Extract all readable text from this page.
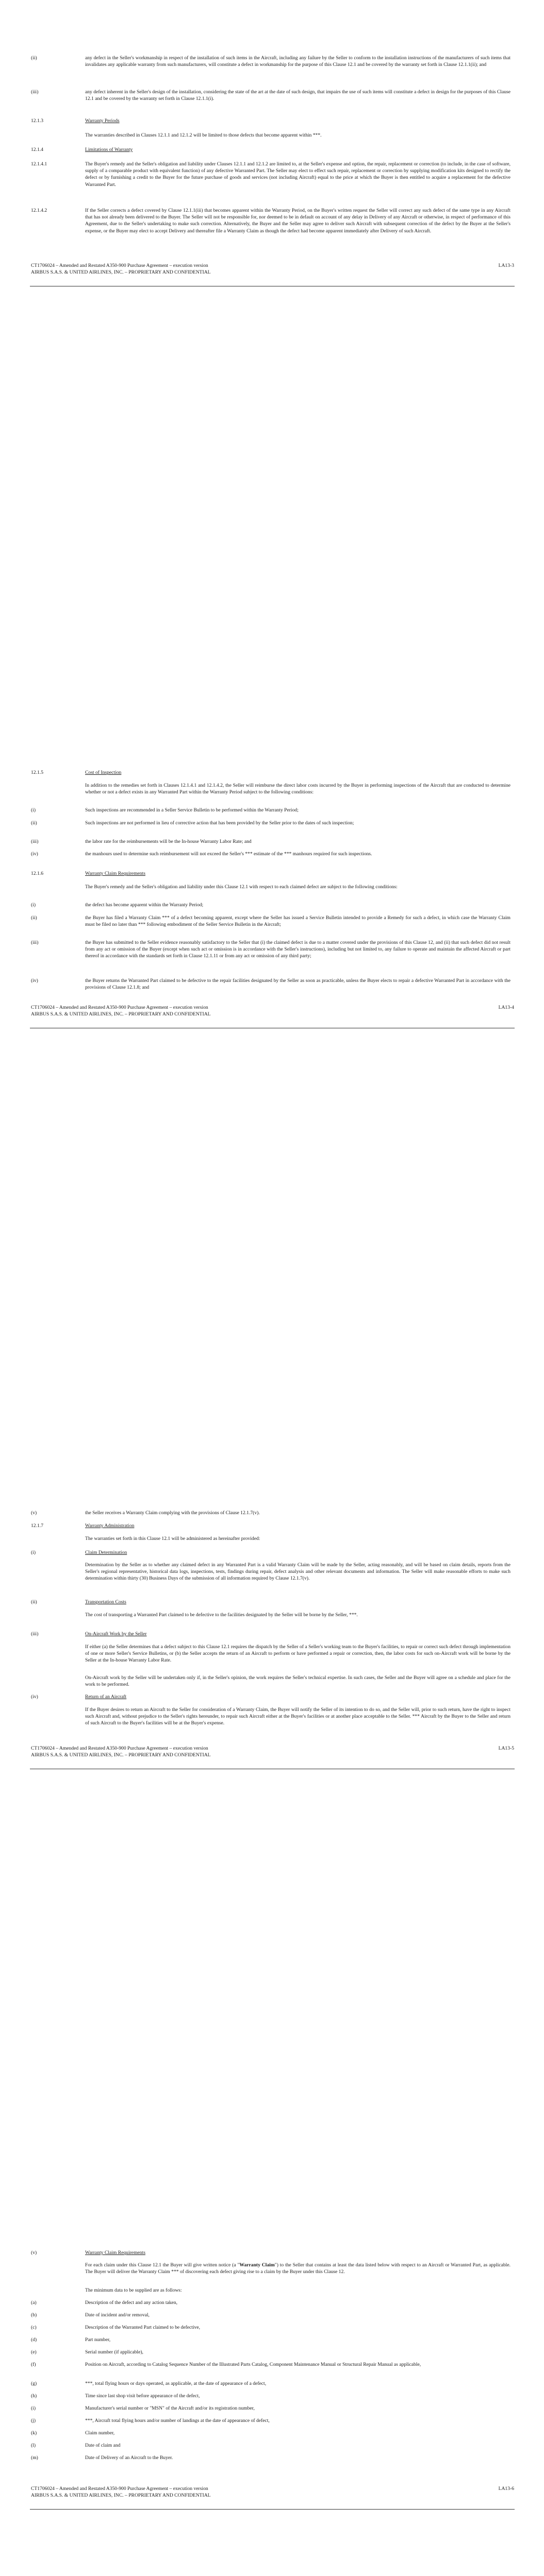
(ii)	any defect in the Seller's workmanship in respect of the installation of such items in the Aircraft, including any failure by the Seller to conform to the installation instructions of the manufacturers of such items that invalidates any applicable warranty from such manufacturers, will constitute a defect in workmanship for the purpose of this Clause 12.1 and be covered by the warranty set forth in Clause 12.1.1(ii); and
(iii)	any defect inherent in the Seller's design of the installation, considering the state of the art at the date of such design, that impairs the use of such items will constitute a defect in design for the purposes of this Clause 12.1 and be covered by the warranty set forth in Clause 12.1.1(i).
12.1.3	Warranty Periods
The warranties described in Clauses 12.1.1 and 12.1.2 will be limited to those defects that become apparent within ***.
12.1.4	Limitations of Warranty
12.1.4.1	The Buyer's remedy and the Seller's obligation and liability under Clauses 12.1.1 and 12.1.2 are limited to, at the Seller's expense and option, the repair, replacement or correction (to include, in the case of software, supply of a comparable product with equivalent function) of any defective Warranted Part. The Seller may elect to effect such repair, replacement or correction by supplying modification kits designed to rectify the defect or by furnishing a credit to the Buyer for the future purchase of goods and services (not including Aircraft) equal to the price at which the Buyer is then entitled to acquire a replacement for the defective Warranted Part.
12.1.4.2	If the Seller corrects a defect covered by Clause 12.1.1(iii) that becomes apparent within the Warranty Period, on the Buyer's written request the Seller will correct any such defect of the same type in any Aircraft that has not already been delivered to the Buyer. The Seller will not be responsible for, nor deemed to be in default on account of any delay in Delivery of any Aircraft or otherwise, in respect of performance of this Agreement, due to the Seller's undertaking to make such correction. Alternatively, the Buyer and the Seller may agree to deliver such Aircraft with subsequent correction of the defect by the Buyer at the Seller's expense, or the Buyer may elect to accept Delivery and thereafter file a Warranty Claim as though the defect had become apparent immediately after Delivery of such Aircraft.
CT1706024 – Amended and Restated A350-900 Purchase Agreement – execution version	LA13-3
AIRBUS S.A.S. & UNITED AIRLINES, INC. – PROPRIETARY AND CONFIDENTIAL
12.1.5	Cost of Inspection
In addition to the remedies set forth in Clauses 12.1.4.1 and 12.1.4.2, the Seller will reimburse the direct labor costs incurred by the Buyer in performing inspections of the Aircraft that are conducted to determine whether or not a defect exists in any Warranted Part within the Warranty Period subject to the following conditions:
(i)	Such inspections are recommended in a Seller Service Bulletin to be performed within the Warranty Period;
(ii)	Such inspections are not performed in lieu of corrective action that has been provided by the Seller prior to the dates of such inspection;
(iii)	the labor rate for the reimbursements will be the In-house Warranty Labor Rate; and
(iv)	the manhours used to determine such reimbursement will not exceed the Seller's *** estimate of the *** manhours required for such inspections.
12.1.6	Warranty Claim Requirements
The Buyer's remedy and the Seller's obligation and liability under this Clause 12.1 with respect to each claimed defect are subject to the following conditions:
(i)	the defect has become apparent within the Warranty Period;
(ii)	the Buyer has filed a Warranty Claim *** of a defect becoming apparent, except where the Seller has issued a Service Bulletin intended to provide a Remedy for such a defect, in which case the Warranty Claim must be filed no later than *** following embodiment of the Seller Service Bulletin in the Aircraft;
(iii)	the Buyer has submitted to the Seller evidence reasonably satisfactory to the Seller that (i) the claimed defect is due to a matter covered under the provisions of this Clause 12, and (ii) that such defect did not result from any act or omission of the Buyer (except when such act or omission is in accordance with the Seller's instructions), including but not limited to, any failure to operate and maintain the affected Aircraft or part thereof in accordance with the standards set forth in Clause 12.1.11 or from any act or omission of any third party;
(iv)	the Buyer returns the Warranted Part claimed to be defective to the repair facilities designated by the Seller as soon as practicable, unless the Buyer elects to repair a defective Warranted Part in accordance with the provisions of Clause 12.1.8; and
CT1706024 – Amended and Restated A350-900 Purchase Agreement – execution version	LA13-4
AIRBUS S.A.S. & UNITED AIRLINES, INC. – PROPRIETARY AND CONFIDENTIAL
(v)	the Seller receives a Warranty Claim complying with the provisions of Clause 12.1.7(v).
12.1.7	Warranty Administration
The warranties set forth in this Clause 12.1 will be administered as hereinafter provided:
(i)	Claim Determination
Determination by the Seller as to whether any claimed defect in any Warranted Part is a valid Warranty Claim will be made by the Seller, acting reasonably, and will be based on claim details, reports from the Seller's regional representative, historical data logs, inspections, tests, findings during repair, defect analysis and other relevant documents and information. The Seller will make reasonable efforts to make such determination within thirty (30) Business Days of the submission of all information required by Clause 12.1.7(v).
(ii)	Transportation Costs
The cost of transporting a Warranted Part claimed to be defective to the facilities designated by the Seller will be borne by the Seller, ***.
(iii)	On-Aircraft Work by the Seller
If either (a) the Seller determines that a defect subject to this Clause 12.1 requires the dispatch by the Seller of a Seller's working team to the Buyer's facilities, to repair or correct such defect through implementation of one or more Seller's Service Bulletins, or (b) the Seller accepts the return of an Aircraft to perform or have performed a repair or correction, then, the labor costs for such on-Aircraft work will be borne by the Seller at the In-house Warranty Labor Rate.
On-Aircraft work by the Seller will be undertaken only if, in the Seller's opinion, the work requires the Seller's technical expertise. In such cases, the Seller and the Buyer will agree on a schedule and place for the work to be performed.
(iv)	Return of an Aircraft
If the Buyer desires to return an Aircraft to the Seller for consideration of a Warranty Claim, the Buyer will notify the Seller of its intention to do so, and the Seller will, prior to such return, have the right to inspect such Aircraft and, without prejudice to the Seller's rights hereunder, to repair such Aircraft either at the Buyer's facilities or at another place acceptable to the Seller. *** Aircraft by the Buyer to the Seller and return of such Aircraft to the Buyer's facilities will be at the Buyer's expense.
CT1706024 – Amended and Restated A350-900 Purchase Agreement – execution version	LA13-5
AIRBUS S.A.S. & UNITED AIRLINES, INC. – PROPRIETARY AND CONFIDENTIAL
(v)	Warranty Claim Requirements
For each claim under this Clause 12.1 the Buyer will give written notice (a "Warranty Claim") to the Seller that contains at least the data listed below with respect to an Aircraft or Warranted Part, as applicable. The Buyer will deliver the Warranty Claim *** of discovering each defect giving rise to a claim by the Buyer under this Clause 12.
The minimum data to be supplied are as follows:
(a)	Description of the defect and any action taken,
(b)	Date of incident and/or removal,
(c)	Description of the Warranted Part claimed to be defective,
(d)	Part number,
(e)	Serial number (if applicable),
(f)	Position on Aircraft, according to Catalog Sequence Number of the Illustrated Parts Catalog, Component Maintenance Manual or Structural Repair Manual as applicable,
(g)	***, total flying hours or days operated, as applicable, at the date of appearance of a defect,
(h)	Time since last shop visit before appearance of the defect,
(i)	Manufacturer's serial number or "MSN" of the Aircraft and/or its registration number,
(j)	***, Aircraft total flying hours and/or number of landings at the date of appearance of defect,
(k)	Claim number,
(l)	Date of claim and
(m)	Date of Delivery of an Aircraft to the Buyer.
CT1706024 – Amended and Restated A350-900 Purchase Agreement – execution version	LA13-6
AIRBUS S.A.S. & UNITED AIRLINES, INC. – PROPRIETARY AND CONFIDENTIAL
